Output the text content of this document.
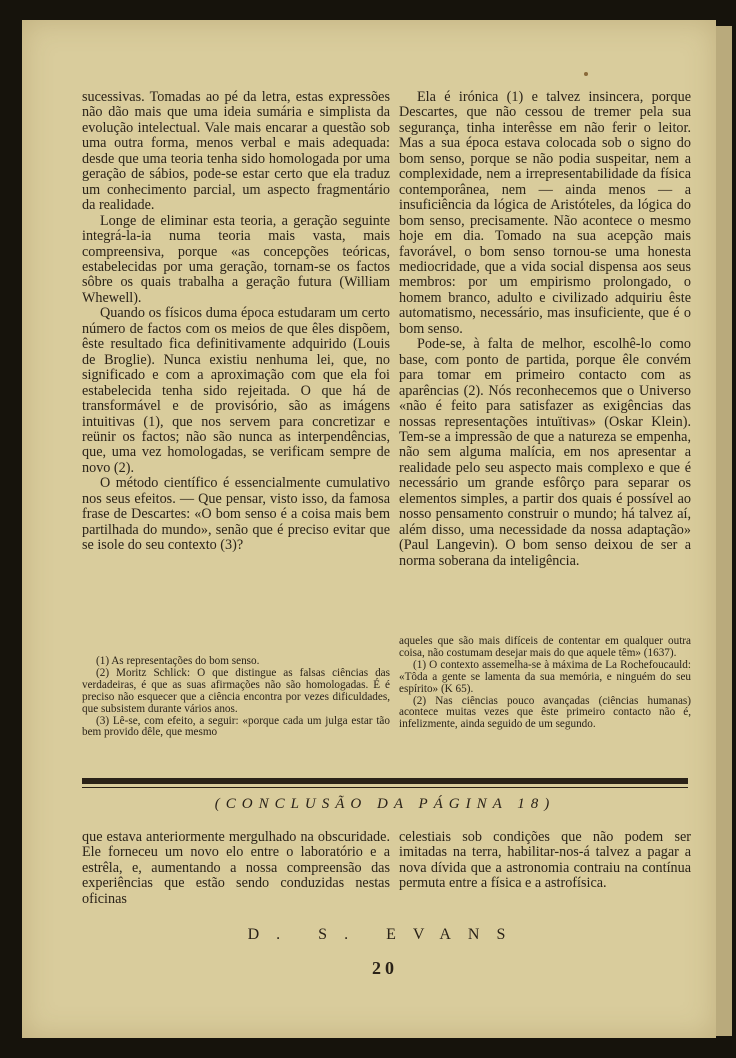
sucessivas. Tomadas ao pé da letra, estas expressões não dão mais que uma ideia sumária e simplista da evolução intelectual. Vale mais encarar a questão sob uma outra forma, menos verbal e mais adequada: desde que uma teoria tenha sido homologada por uma geração de sábios, pode-se estar certo que ela traduz um conhecimento parcial, um aspecto fragmentário da realidade.

Longe de eliminar esta teoria, a geração seguinte integrá-la-ia numa teoria mais vasta, mais compreensiva, porque «as concepções teóricas, estabelecidas por uma geração, tornam-se os factos sôbre os quais trabalha a geração futura (William Whewell).

Quando os físicos duma época estudaram um certo número de factos com os meios de que êles dispõem, êste resultado fica definitivamente adquirido (Louis de Broglie). Nunca existiu nenhuma lei, que, no significado e com a aproximação com que ela foi estabelecida tenha sido rejeitada. O que há de transformável e de provisório, são as imágens intuitivas (1), que nos servem para concretizar e reünir os factos; não são nunca as interpendências, que, uma vez homologadas, se verificam sempre de novo (2).

O método científico é essencialmente cumulativo nos seus efeitos. — Que pensar, visto isso, da famosa frase de Descartes: «O bom senso é a coisa mais bem partilhada do mundo», senão que é preciso evitar que se isole do seu contexto (3)?

(1) As representações do bom senso.

(2) Moritz Schlick: O que distingue as falsas ciências das verdadeiras, é que as suas afirmações não são homologadas. É é preciso não esquecer que a ciência encontra por vezes dificuldades, que subsistem durante vários anos.

(3) Lê-se, com efeito, a seguir: «porque cada um julga estar tão bem provido dêle, que mesmo

Ela é irónica (1) e talvez insincera, porque Descartes, que não cessou de tremer pela sua segurança, tinha interêsse em não ferir o leitor. Mas a sua época estava colocada sob o signo do bom senso, porque se não podia suspeitar, nem a complexidade, nem a irrepresentabilidade da física contemporânea, nem — ainda menos — a insuficiência da lógica de Aristóteles, da lógica do bom senso, precisamente. Não acontece o mesmo hoje em dia. Tomado na sua acepção mais favorável, o bom senso tornou-se uma honesta mediocridade, que a vida social dispensa aos seus membros: por um empirismo prolongado, o homem branco, adulto e civilizado adquiriu êste automatismo, necessário, mas insuficiente, que é o bom senso.

Pode-se, à falta de melhor, escolhê-lo como base, com ponto de partida, porque êle convém para tomar em primeiro contacto com as aparências (2). Nós reconhecemos que o Universo «não é feito para satisfazer as exigências das nossas representações intuïtivas» (Oskar Klein). Tem-se a impressão de que a natureza se empenha, não sem alguma malícia, em nos apresentar a realidade pelo seu aspecto mais complexo e que é necessário um grande esfôrço para separar os elementos simples, a partir dos quais é possível ao nosso pensamento construir o mundo; há talvez aí, além disso, uma necessidade da nossa adaptação» (Paul Langevin). O bom senso deixou de ser a norma soberana da inteligência.

aqueles que são mais difíceis de contentar em qualquer outra coisa, não costumam desejar mais do que aquele têm» (1637).

(1) O contexto assemelha-se à máxima de La Rochefoucauld: «Tôda a gente se lamenta da sua memória, e ninguém do seu espírito» (K 65).

(2) Nas ciências pouco avançadas (ciências humanas) acontece muitas vezes que êste primeiro contacto não é, infelizmente, ainda seguido de um segundo.

(CONCLUSÃO DA PÁGINA 18)

que estava anteriormente mergulhado na obscuridade. Ele forneceu um novo elo entre o laboratório e a estrêla, e, aumentando a nossa compreensão das experiências que estão sendo conduzidas nestas oficinas

celestiais sob condições que não podem ser imitadas na terra, habilitar-nos-á talvez a pagar a nova dívida que a astronomia contraiu na contínua permuta entre a física e a astrofísica.

D. S. EVANS
20
